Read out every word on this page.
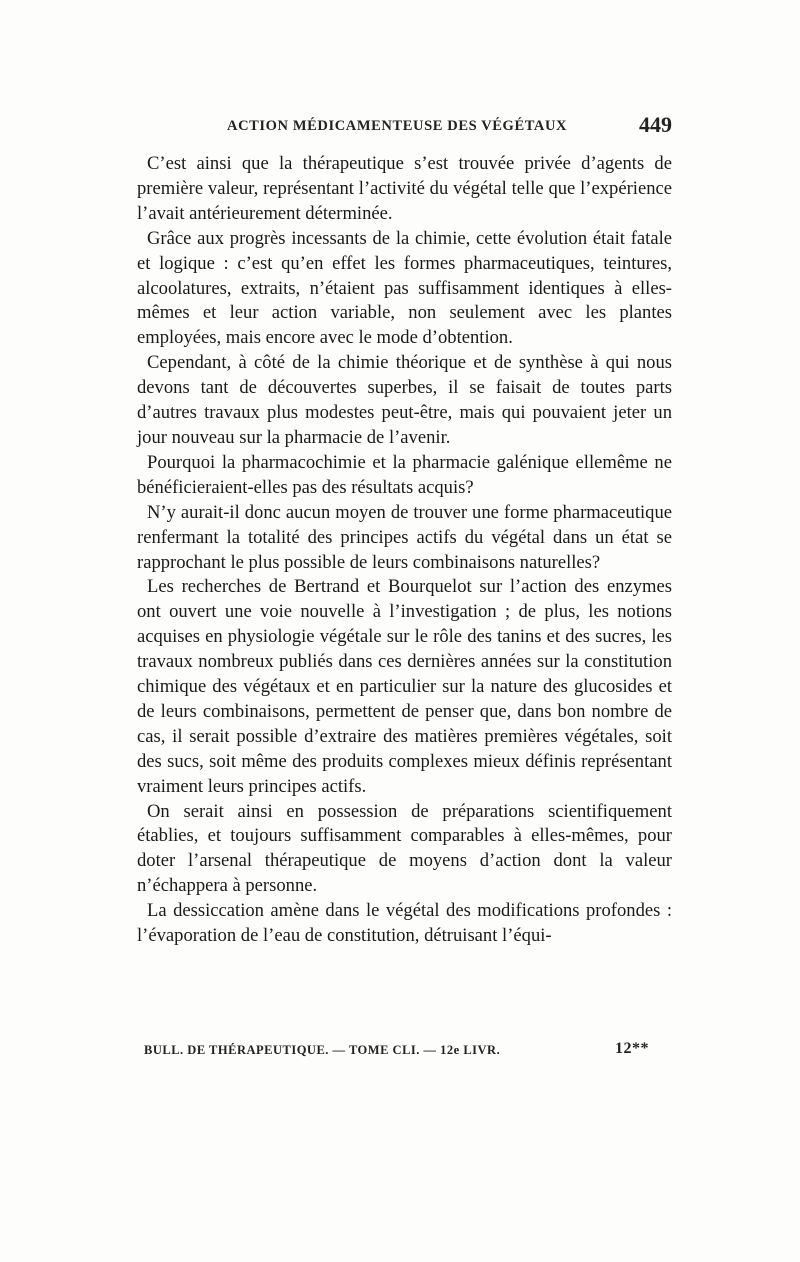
ACTION MÉDICAMENTEUSE DES VÉGÉTAUX	449

C’est ainsi que la thérapeutique s’est trouvée privée d’agents de première valeur, représentant l’activité du végétal telle que l’expérience l’avait antérieurement déterminée.

Grâce aux progrès incessants de la chimie, cette évolution était fatale et logique : c’est qu’en effet les formes pharmaceutiques, teintures, alcoolatures, extraits, n’étaient pas suffisamment identiques à elles-mêmes et leur action variable, non seulement avec les plantes employées, mais encore avec le mode d’obtention.

Cependant, à côté de la chimie théorique et de synthèse à qui nous devons tant de découvertes superbes, il se faisait de toutes parts d’autres travaux plus modestes peut-être, mais qui pouvaient jeter un jour nouveau sur la pharmacie de l’avenir.

Pourquoi la pharmacochimie et la pharmacie galénique ellemême ne bénéficieraient-elles pas des résultats acquis?

N’y aurait-il donc aucun moyen de trouver une forme pharmaceutique renfermant la totalité des principes actifs du végétal dans un état se rapprochant le plus possible de leurs combinaisons naturelles?

Les recherches de Bertrand et Bourquelot sur l’action des enzymes ont ouvert une voie nouvelle à l’investigation ; de plus, les notions acquises en physiologie végétale sur le rôle des tanins et des sucres, les travaux nombreux publiés dans ces dernières années sur la constitution chimique des végétaux et en particulier sur la nature des glucosides et de leurs combinaisons, permettent de penser que, dans bon nombre de cas, il serait possible d’extraire des matières premières végétales, soit des sucs, soit même des produits complexes mieux définis représentant vraiment leurs principes actifs.

On serait ainsi en possession de préparations scientifiquement établies, et toujours suffisamment comparables à elles-mêmes, pour doter l’arsenal thérapeutique de moyens d’action dont la valeur n’échappera à personne.

La dessiccation amène dans le végétal des modifications profondes : l’évaporation de l’eau de constitution, détruisant l’équi-

BULL. DE THÉRAPEUTIQUE. — TOME CLI. — 12e LIVR.	12**
